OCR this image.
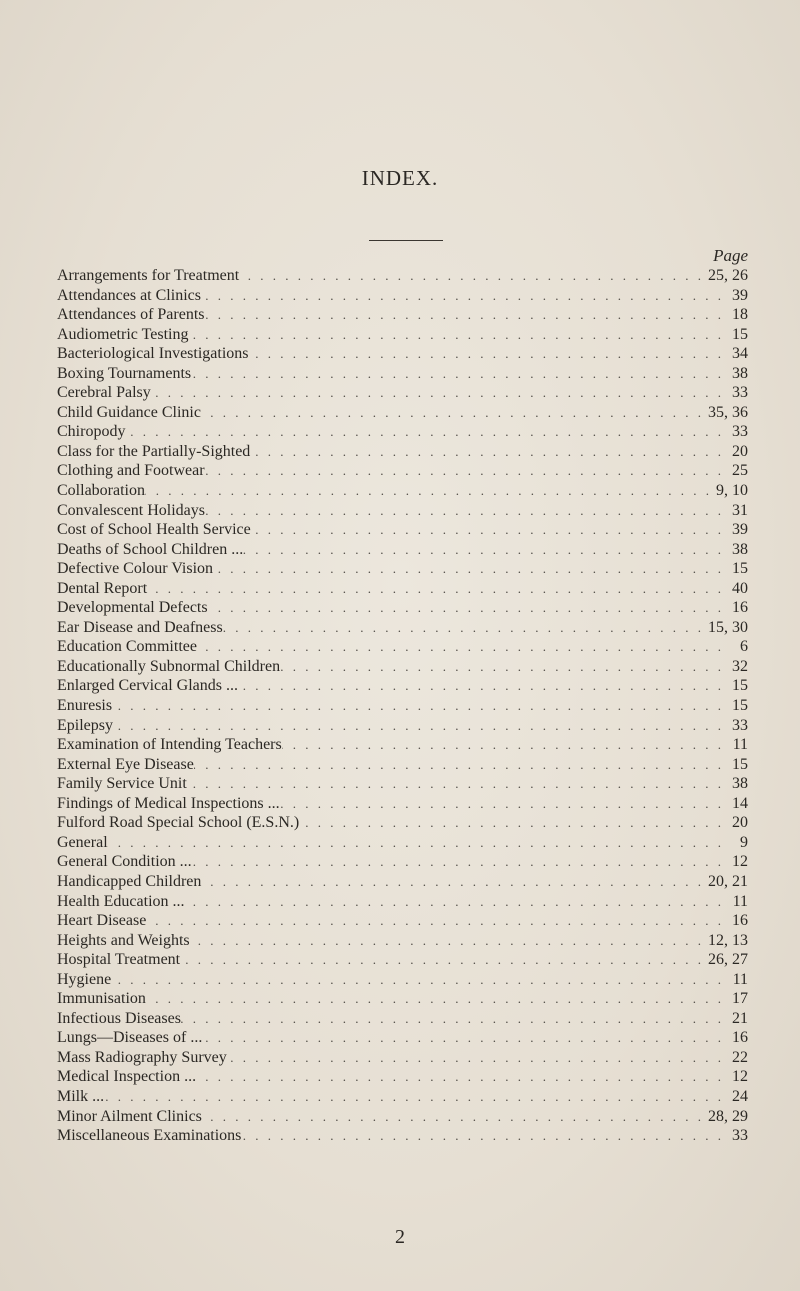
INDEX.
Page
Arrangements for Treatment . . .	25, 26
Attendances at Clinics . . .	39
Attendances of Parents . . .	18
Audiometric Testing . . .	15
Bacteriological Investigations . . .	34
Boxing Tournaments . . .	38
Cerebral Palsy . . .	33
Child Guidance Clinic . . .	35, 36
Chiropody . . .	33
Class for the Partially-Sighted . . .	20
Clothing and Footwear . . .	25
Collaboration . . .	9, 10
Convalescent Holidays . . .	31
Cost of School Health Service . . .	39
Deaths of School Children ... . . .	38
Defective Colour Vision . . .	15
Dental Report . . .	40
Developmental Defects . . .	16
Ear Disease and Deafness . . .	15, 30
Education Committee . . .	6
Educationally Subnormal Children . . .	32
Enlarged Cervical Glands ... . . .	15
Enuresis . . .	15
Epilepsy . . .	33
Examination of Intending Teachers . . .	11
External Eye Disease . . .	15
Family Service Unit . . .	38
Findings of Medical Inspections ... . . .	14
Fulford Road Special School (E.S.N.) . . .	20
General . . .	9
General Condition ... . . .	12
Handicapped Children . . .	20, 21
Health Education ... . . .	11
Heart Disease . . .	16
Heights and Weights . . .	12, 13
Hospital Treatment . . .	26, 27
Hygiene . . .	11
Immunisation . . .	17
Infectious Diseases . . .	21
Lungs—Diseases of ... . . .	16
Mass Radiography Survey . . .	22
Medical Inspection ... . . .	12
Milk ... . . .	24
Minor Ailment Clinics . . .	28, 29
Miscellaneous Examinations . . .	33
2
